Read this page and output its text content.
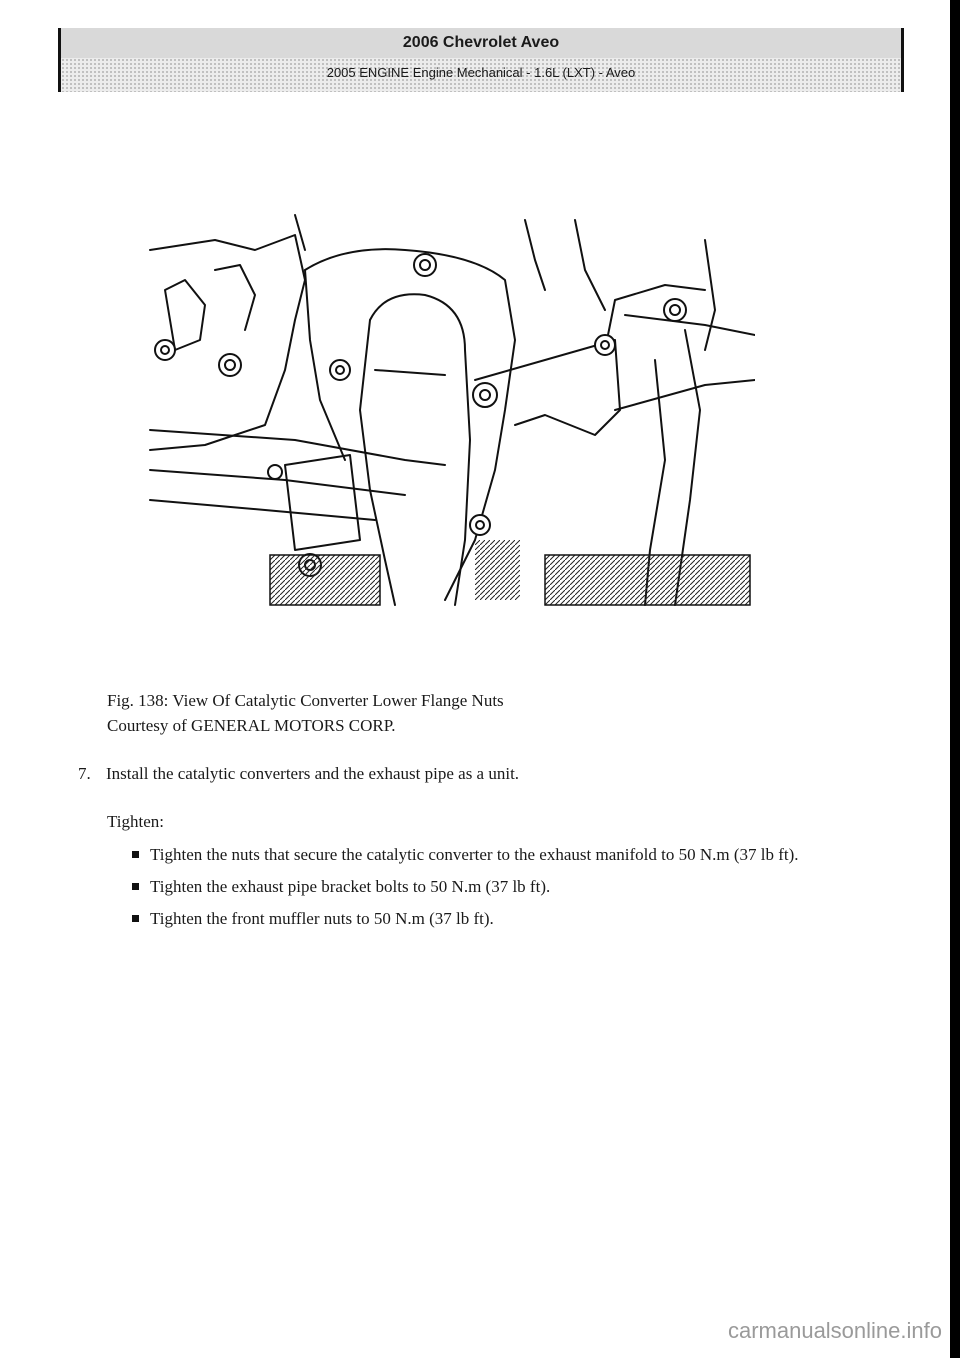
2006 Chevrolet Aveo
2005 ENGINE Engine Mechanical - 1.6L (LXT) - Aveo
Fig. 138: View Of Catalytic Converter Lower Flange Nuts
Courtesy of GENERAL MOTORS CORP.
7. Install the catalytic converters and the exhaust pipe as a unit.
Tighten:
Tighten the nuts that secure the catalytic converter to the exhaust manifold to 50 N.m (37 lb ft).
Tighten the exhaust pipe bracket bolts to 50 N.m (37 lb ft).
Tighten the front muffler nuts to 50 N.m (37 lb ft).
carmanualsonline.info
